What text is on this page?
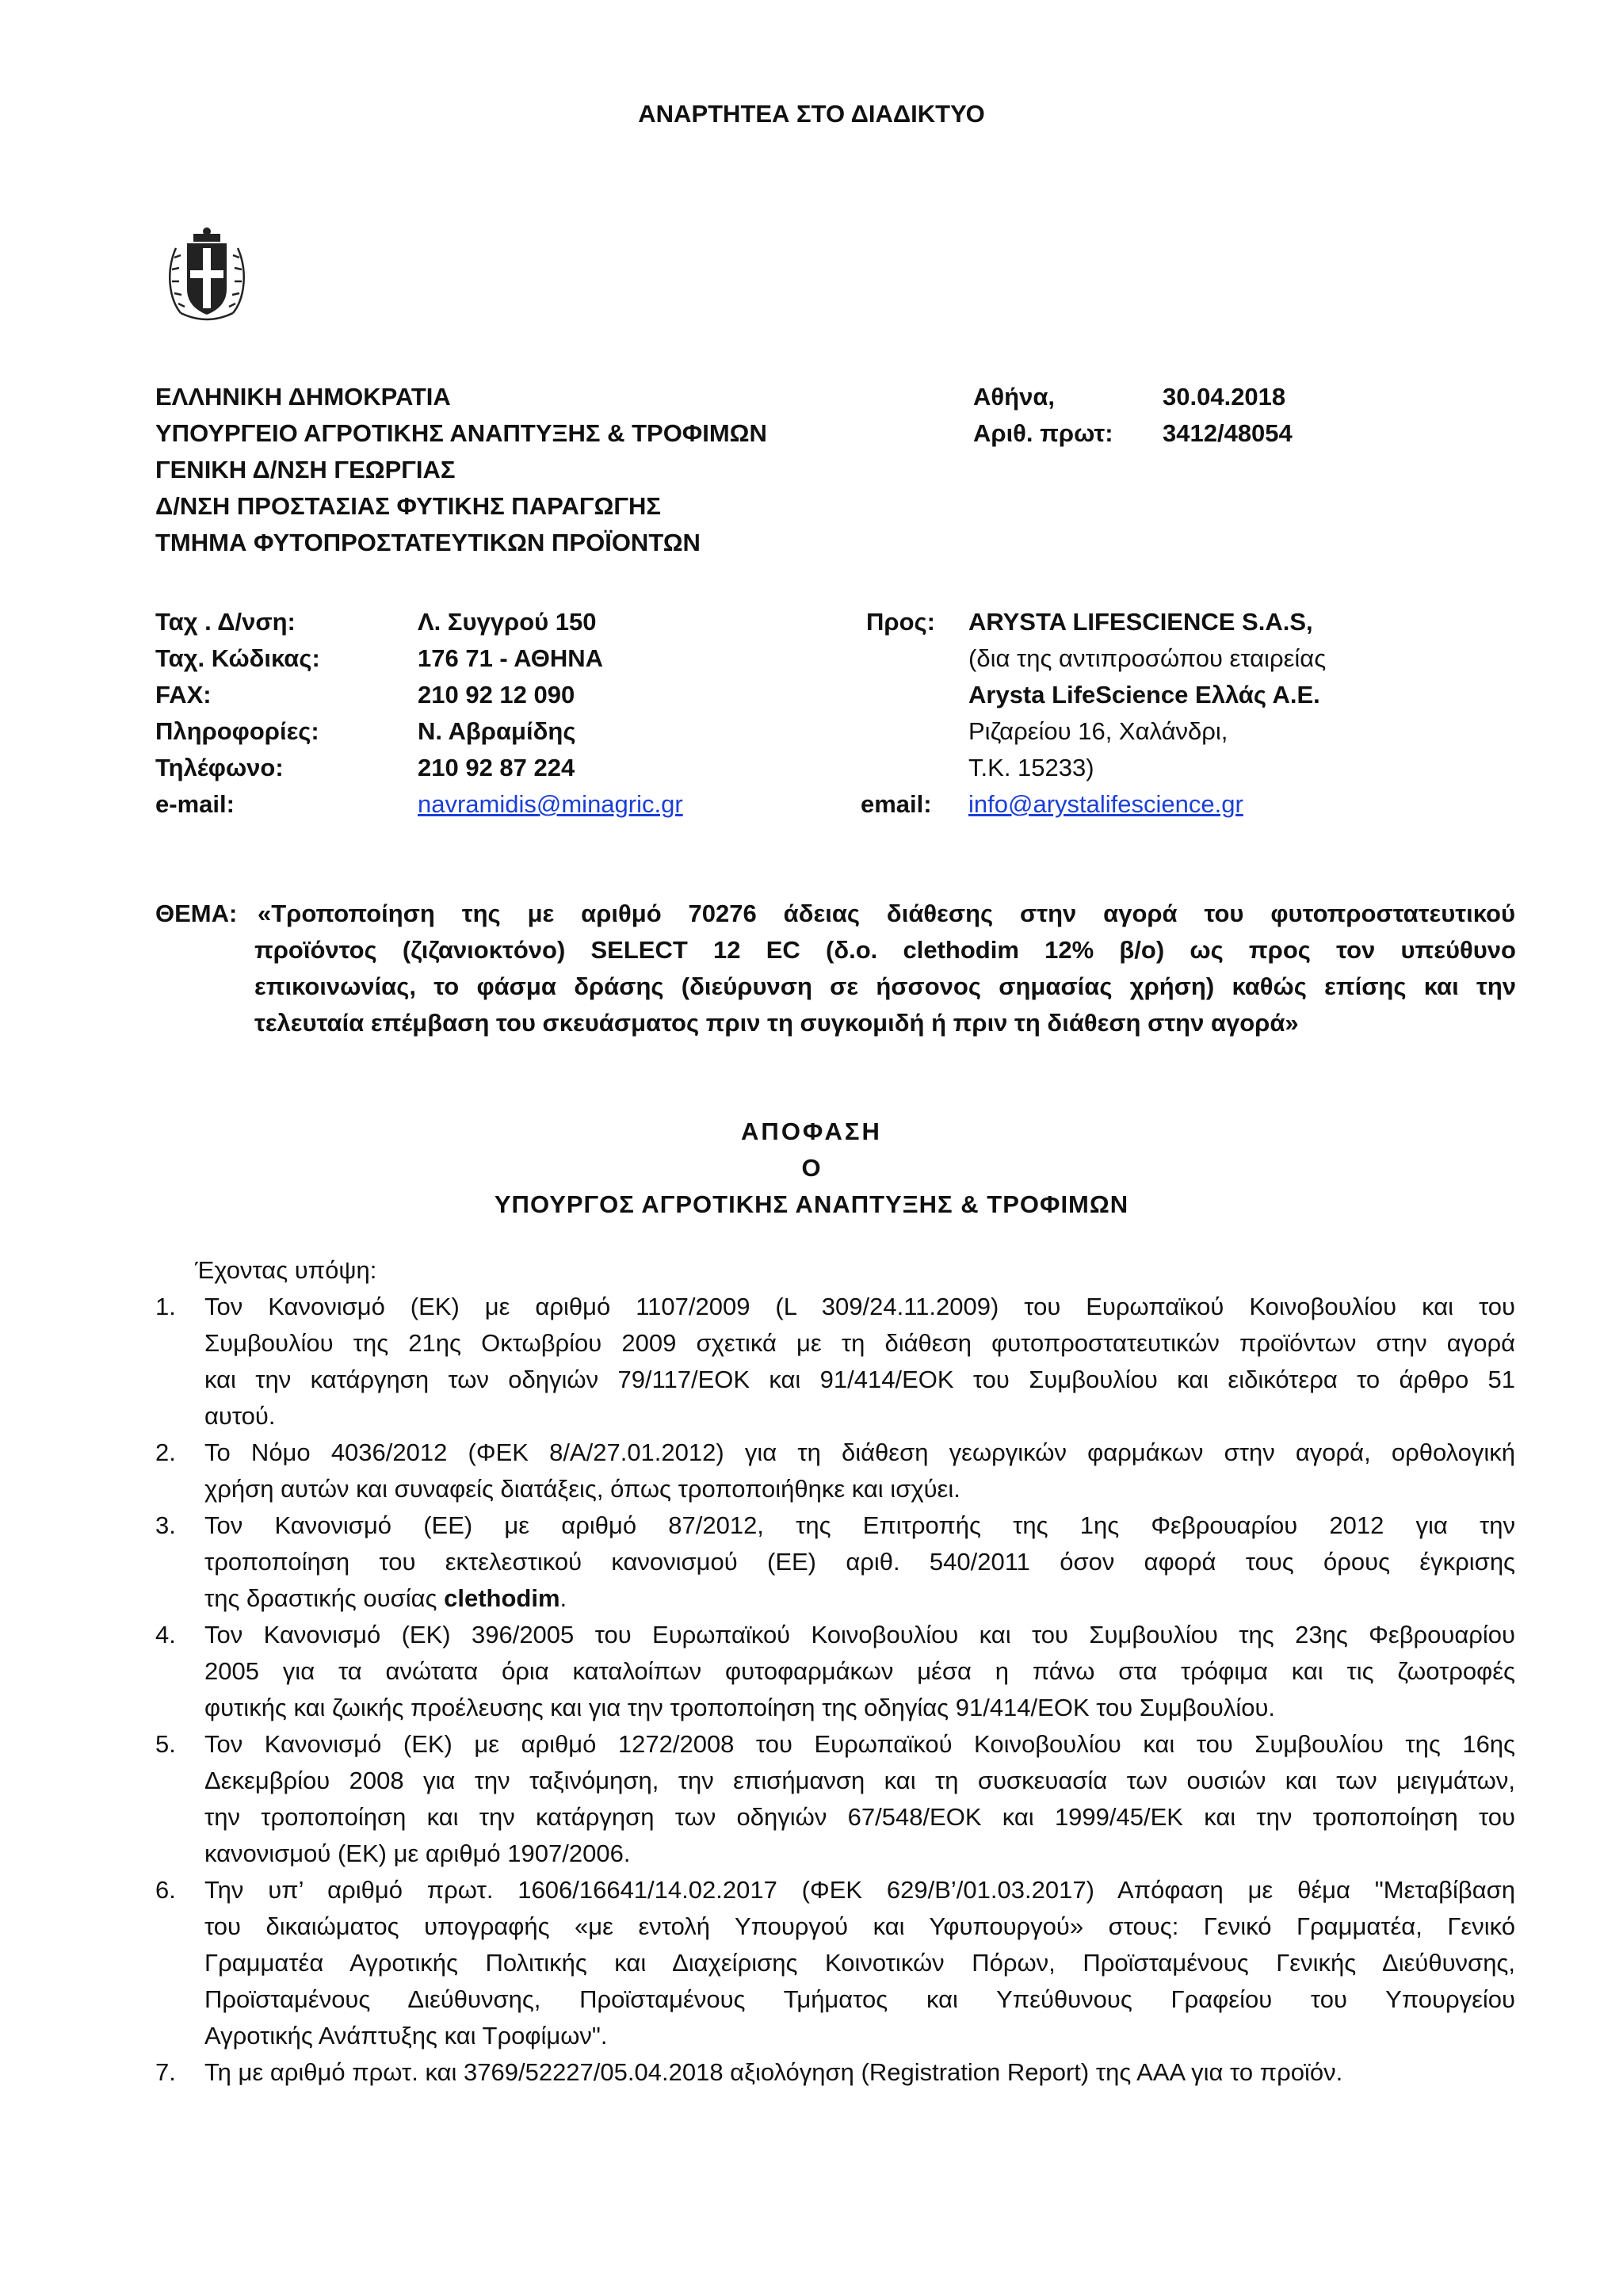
ΑΝΑΡΤΗΤΕΑ ΣΤΟ ΔΙΑΔΙΚΤΥΟ
ΕΛΛΗΝΙΚΗ ΔΗΜΟΚΡΑΤΙΑ
ΥΠΟΥΡΓΕΙΟ ΑΓΡΟΤΙΚΗΣ ΑΝΑΠΤΥΞΗΣ & ΤΡΟΦΙΜΩΝ
ΓΕΝΙΚΗ Δ/ΝΣΗ ΓΕΩΡΓΙΑΣ
Δ/ΝΣΗ ΠΡΟΣΤΑΣΙΑΣ ΦΥΤΙΚΗΣ ΠΑΡΑΓΩΓΗΣ
ΤΜΗΜΑ ΦΥΤΟΠΡΟΣΤΑΤΕΥΤΙΚΩΝ ΠΡΟΪΟΝΤΩΝ
Αθήνα,	30.04.2018
Αριθ. πρωτ: 3412/48054
Ταχ . Δ/νση:
Ταχ. Κώδικας:
FAX:
Πληροφορίες:
Τηλέφωνο:
e-mail:
Λ. Συγγρού 150
176 71 - ΑΘΗΝΑ
210 92 12 090
Ν. Αβραμίδης
210 92 87 224
navramidis@minagric.gr
Προς: ARYSTA LIFESCIENCE S.A.S,
(δια της αντιπροσώπου εταιρείας
Arysta LifeScience Ελλάς Α.Ε.
Ριζαρείου 16, Χαλάνδρι,
Τ.Κ. 15233)
email: info@arystalifescience.gr
ΘΕΜΑ: «Τροποποίηση της με αριθμό 70276 άδειας διάθεσης στην αγορά του φυτοπροστατευτικού
προϊόντος (ζιζανιοκτόνο) SELECT 12 EC (δ.ο. clethodim 12% β/ο) ως προς τον υπεύθυνο
επικοινωνίας, το φάσμα δράσης (διεύρυνση σε ήσσονος σημασίας χρήση) καθώς επίσης και την
τελευταία επέμβαση του σκευάσματος πριν τη συγκομιδή ή πριν τη διάθεση στην αγορά»
ΑΠΟΦΑΣΗ
Ο
ΥΠΟΥΡΓΟΣ ΑΓΡΟΤΙΚΗΣ ΑΝΑΠΤΥΞΗΣ & ΤΡΟΦΙΜΩΝ
Έχοντας υπόψη:
1. Τον Κανονισμό (ΕΚ) με αριθμό 1107/2009 (L 309/24.11.2009) του Ευρωπαϊκού Κοινοβουλίου και του
Συμβουλίου της 21ης Οκτωβρίου 2009 σχετικά με τη διάθεση φυτοπροστατευτικών προϊόντων στην αγορά
και την κατάργηση των οδηγιών 79/117/ΕΟΚ και 91/414/ΕΟΚ του Συμβουλίου και ειδικότερα το άρθρο 51
αυτού.
2. Το Νόμο 4036/2012 (ΦΕΚ 8/Α/27.01.2012) για τη διάθεση γεωργικών φαρμάκων στην αγορά, ορθολογική
χρήση αυτών και συναφείς διατάξεις, όπως τροποποιήθηκε και ισχύει.
3. Τον Κανονισμό (ΕΕ) με αριθμό 87/2012, της Επιτροπής της 1ης Φεβρουαρίου 2012 για την
τροποποίηση του εκτελεστικού κανονισμού (ΕΕ) αριθ. 540/2011 όσον αφορά τους όρους έγκρισης
της δραστικής ουσίας clethodim.
4. Τον Κανονισμό (ΕΚ) 396/2005 του Ευρωπαϊκού Κοινοβουλίου και του Συμβουλίου της 23ης Φεβρουαρίου
2005 για τα ανώτατα όρια καταλοίπων φυτοφαρμάκων μέσα η πάνω στα τρόφιμα και τις ζωοτροφές
φυτικής και ζωικής προέλευσης και για την τροποποίηση της οδηγίας 91/414/ΕΟΚ του Συμβουλίου.
5. Τον Κανονισμό (ΕΚ) με αριθμό 1272/2008 του Ευρωπαϊκού Κοινοβουλίου και του Συμβουλίου της 16ης
Δεκεμβρίου 2008 για την ταξινόμηση, την επισήμανση και τη συσκευασία των ουσιών και των μειγμάτων,
την τροποποίηση και την κατάργηση των οδηγιών 67/548/ΕΟΚ και 1999/45/ΕΚ και την τροποποίηση του
κανονισμού (ΕΚ) με αριθμό 1907/2006.
6. Την υπ’ αριθμό πρωτ. 1606/16641/14.02.2017 (ΦΕΚ 629/Β’/01.03.2017) Απόφαση με θέμα "Μεταβίβαση
του δικαιώματος υπογραφής «με εντολή Υπουργού και Υφυπουργού» στους: Γενικό Γραμματέα, Γενικό
Γραμματέα Αγροτικής Πολιτικής και Διαχείρισης Κοινοτικών Πόρων, Προϊσταμένους Γενικής Διεύθυνσης,
Προϊσταμένους Διεύθυνσης, Προϊσταμένους Τμήματος και Υπεύθυνους Γραφείου του Υπουργείου
Αγροτικής Ανάπτυξης και Τροφίμων".
7. Τη με αριθμό πρωτ. και 3769/52227/05.04.2018 αξιολόγηση (Registration Report) της ΑΑΑ για το προϊόν.
